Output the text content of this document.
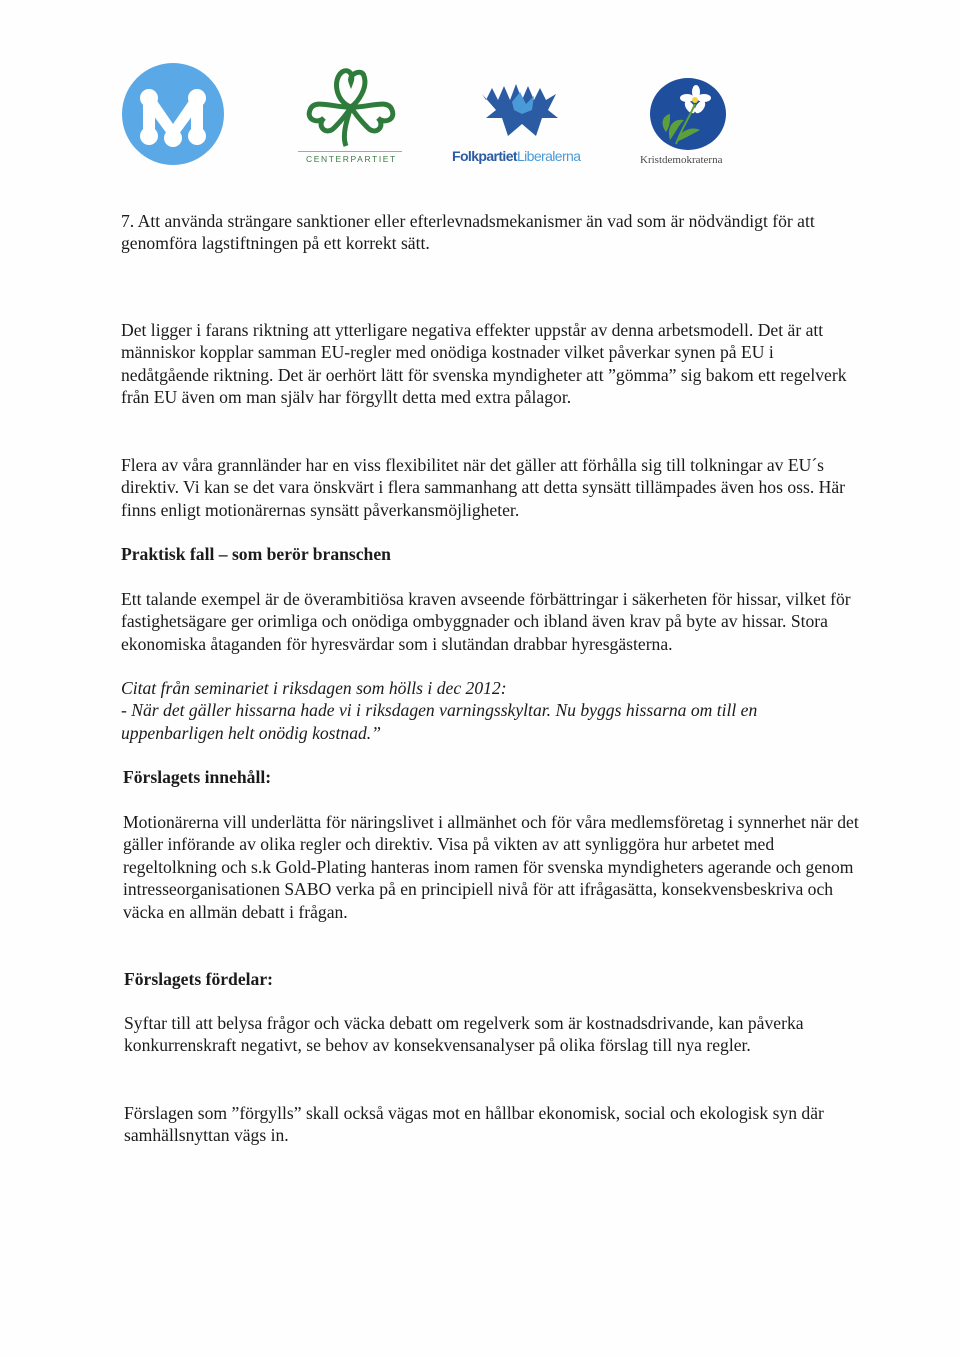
CENTERPARTIET	FolkpartietLiberalerna	Kristdemokraterna

7. Att använda strängare sanktioner eller efterlevnadsmekanismer än vad som är nödvändigt för att genomföra lagstiftningen på ett korrekt sätt.

Det ligger i farans riktning att ytterligare negativa effekter uppstår av denna arbetsmodell. Det är att människor kopplar samman EU-regler med onödiga kostnader vilket påverkar synen på EU i nedåtgående riktning. Det är oerhört lätt för svenska myndigheter att ”gömma” sig bakom ett regelverk från EU även om man själv har förgyllt detta med extra pålagor.

Flera av våra grannländer har en viss flexibilitet när det gäller att förhålla sig till tolkningar av EU´s direktiv. Vi kan se det vara önskvärt i flera sammanhang att detta synsätt tillämpades även hos oss. Här finns enligt motionärernas synsätt påverkansmöjligheter.

Praktisk fall – som berör branschen

Ett talande exempel är de överambitiösa kraven avseende förbättringar i säkerheten för hissar, vilket för fastighetsägare ger orimliga och onödiga ombyggnader och ibland även krav på byte av hissar. Stora ekonomiska åtaganden för hyresvärdar som i slutändan drabbar hyresgästerna.

Citat från seminariet i riksdagen som hölls i dec 2012:

- När det gäller hissarna hade vi i riksdagen varningsskyltar. Nu byggs hissarna om till en uppenbarligen helt onödig kostnad.”

Förslagets innehåll:

Motionärerna vill underlätta för näringslivet i allmänhet och för våra medlemsföretag i synnerhet när det gäller införande av olika regler och direktiv. Visa på vikten av att synliggöra hur arbetet med regeltolkning och s.k Gold-Plating hanteras inom ramen för svenska myndigheters agerande och genom intresseorganisationen SABO verka på en principiell nivå för att ifrågasätta, konsekvensbeskriva och väcka en allmän debatt i frågan.

Förslagets fördelar:

Syftar till att belysa frågor och väcka debatt om regelverk som är kostnadsdrivande, kan påverka konkurrenskraft negativt, se behov av konsekvensanalyser på olika förslag till nya regler.

Förslagen som ”förgylls” skall också vägas mot en hållbar ekonomisk, social och ekologisk syn där samhällsnyttan vägs in.
